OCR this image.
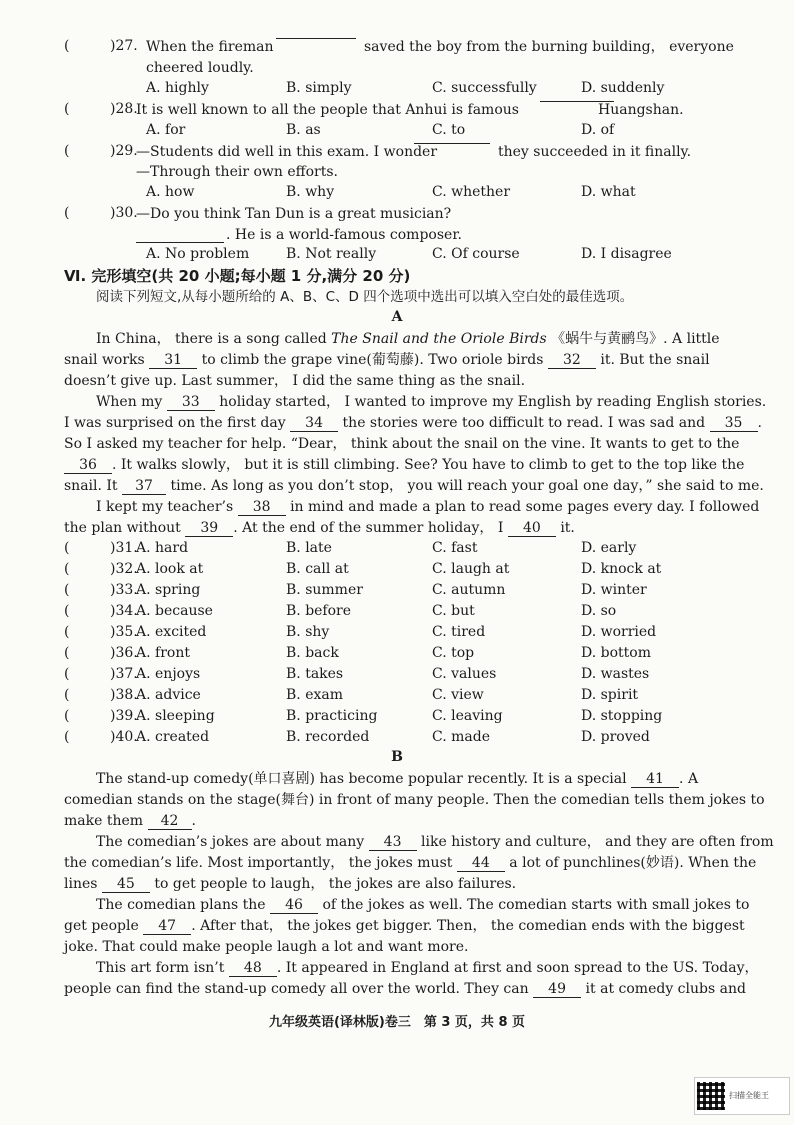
(	)27. When the fireman	saved the boy from the burning building， everyone
cheered loudly.
A. highly	B. simply	C. successfully	D. suddenly
(	)28.
It is well known to all the people that Anhui is famous	Huangshan.
A. for	B. as	C. to	D. of
(	)29.
—Students did well in this exam. I wonder	they succeeded in it finally.
—Through their own efforts.
A. how	B. why	C. whether	D. what
(	)30.
—Do you think Tan Dun is a great musician?
. He is a world-famous composer.
A. No problem	B. Not really	C. Of course	D. I disagree
Ⅵ. 完形填空(共 20 小题;每小题 1 分,满分 20 分)
阅读下列短文,从每小题所给的 A、B、C、D 四个选项中选出可以填入空白处的最佳选项。
A
In China， there is a song called The Snail and the Oriole Birds 《蜗牛与黄鹂鸟》. A little
snail works 31 to climb the grape vine(葡萄藤). Two oriole birds 32 it. But the snail
doesn’t give up. Last summer， I did the same thing as the snail.
When my 33 holiday started， I wanted to improve my English by reading English stories.
I was surprised on the first day 34 the stories were too difficult to read. I was sad and 35 .
So I asked my teacher for help. “Dear， think about the snail on the vine. It wants to get to the
36 . It walks slowly， but it is still climbing. See? You have to climb to get to the top like the
snail. It 37 time. As long as you don’t stop， you will reach your goal one day，” she said to me.
I kept my teacher’s 38 in mind and made a plan to read some pages every day. I followed
the plan without 39 . At the end of the summer holiday， I 40 it.
(	)31.
A. hard	B. late	C. fast	D. early
(	)32.
A. look at	B. call at	C. laugh at	D. knock at
(	)33.
A. spring	B. summer	C. autumn	D. winter
(	)34.
A. because	B. before	C. but	D. so
(	)35.
A. excited	B. shy	C. tired	D. worried
(	)36.
A. front	B. back	C. top	D. bottom
(	)37.
A. enjoys	B. takes	C. values	D. wastes
(	)38.
A. advice	B. exam	C. view	D. spirit
(	)39.
A. sleeping	B. practicing	C. leaving	D. stopping
(	)40.
A. created	B. recorded	C. made	D. proved
B
The stand-up comedy(单口喜剧) has become popular recently. It is a special 41 . A
comedian stands on the stage(舞台) in front of many people. Then the comedian tells them jokes to
make them 42 .
The comedian’s jokes are about many 43 like history and culture， and they are often from
the comedian’s life. Most importantly， the jokes must 44 a lot of punchlines(妙语). When the
lines 45 to get people to laugh， the jokes are also failures.
The comedian plans the 46 of the jokes as well. The comedian starts with small jokes to
get people 47 . After that， the jokes get bigger. Then， the comedian ends with the biggest
joke. That could make people laugh a lot and want more.
This art form isn’t 48 . It appeared in England at first and soon spread to the US. Today，
people can find the stand-up comedy all over the world. They can 49 it at comedy clubs and
九年级英语(译林版)卷三　第 3 页，共 8 页
扫描全能王
